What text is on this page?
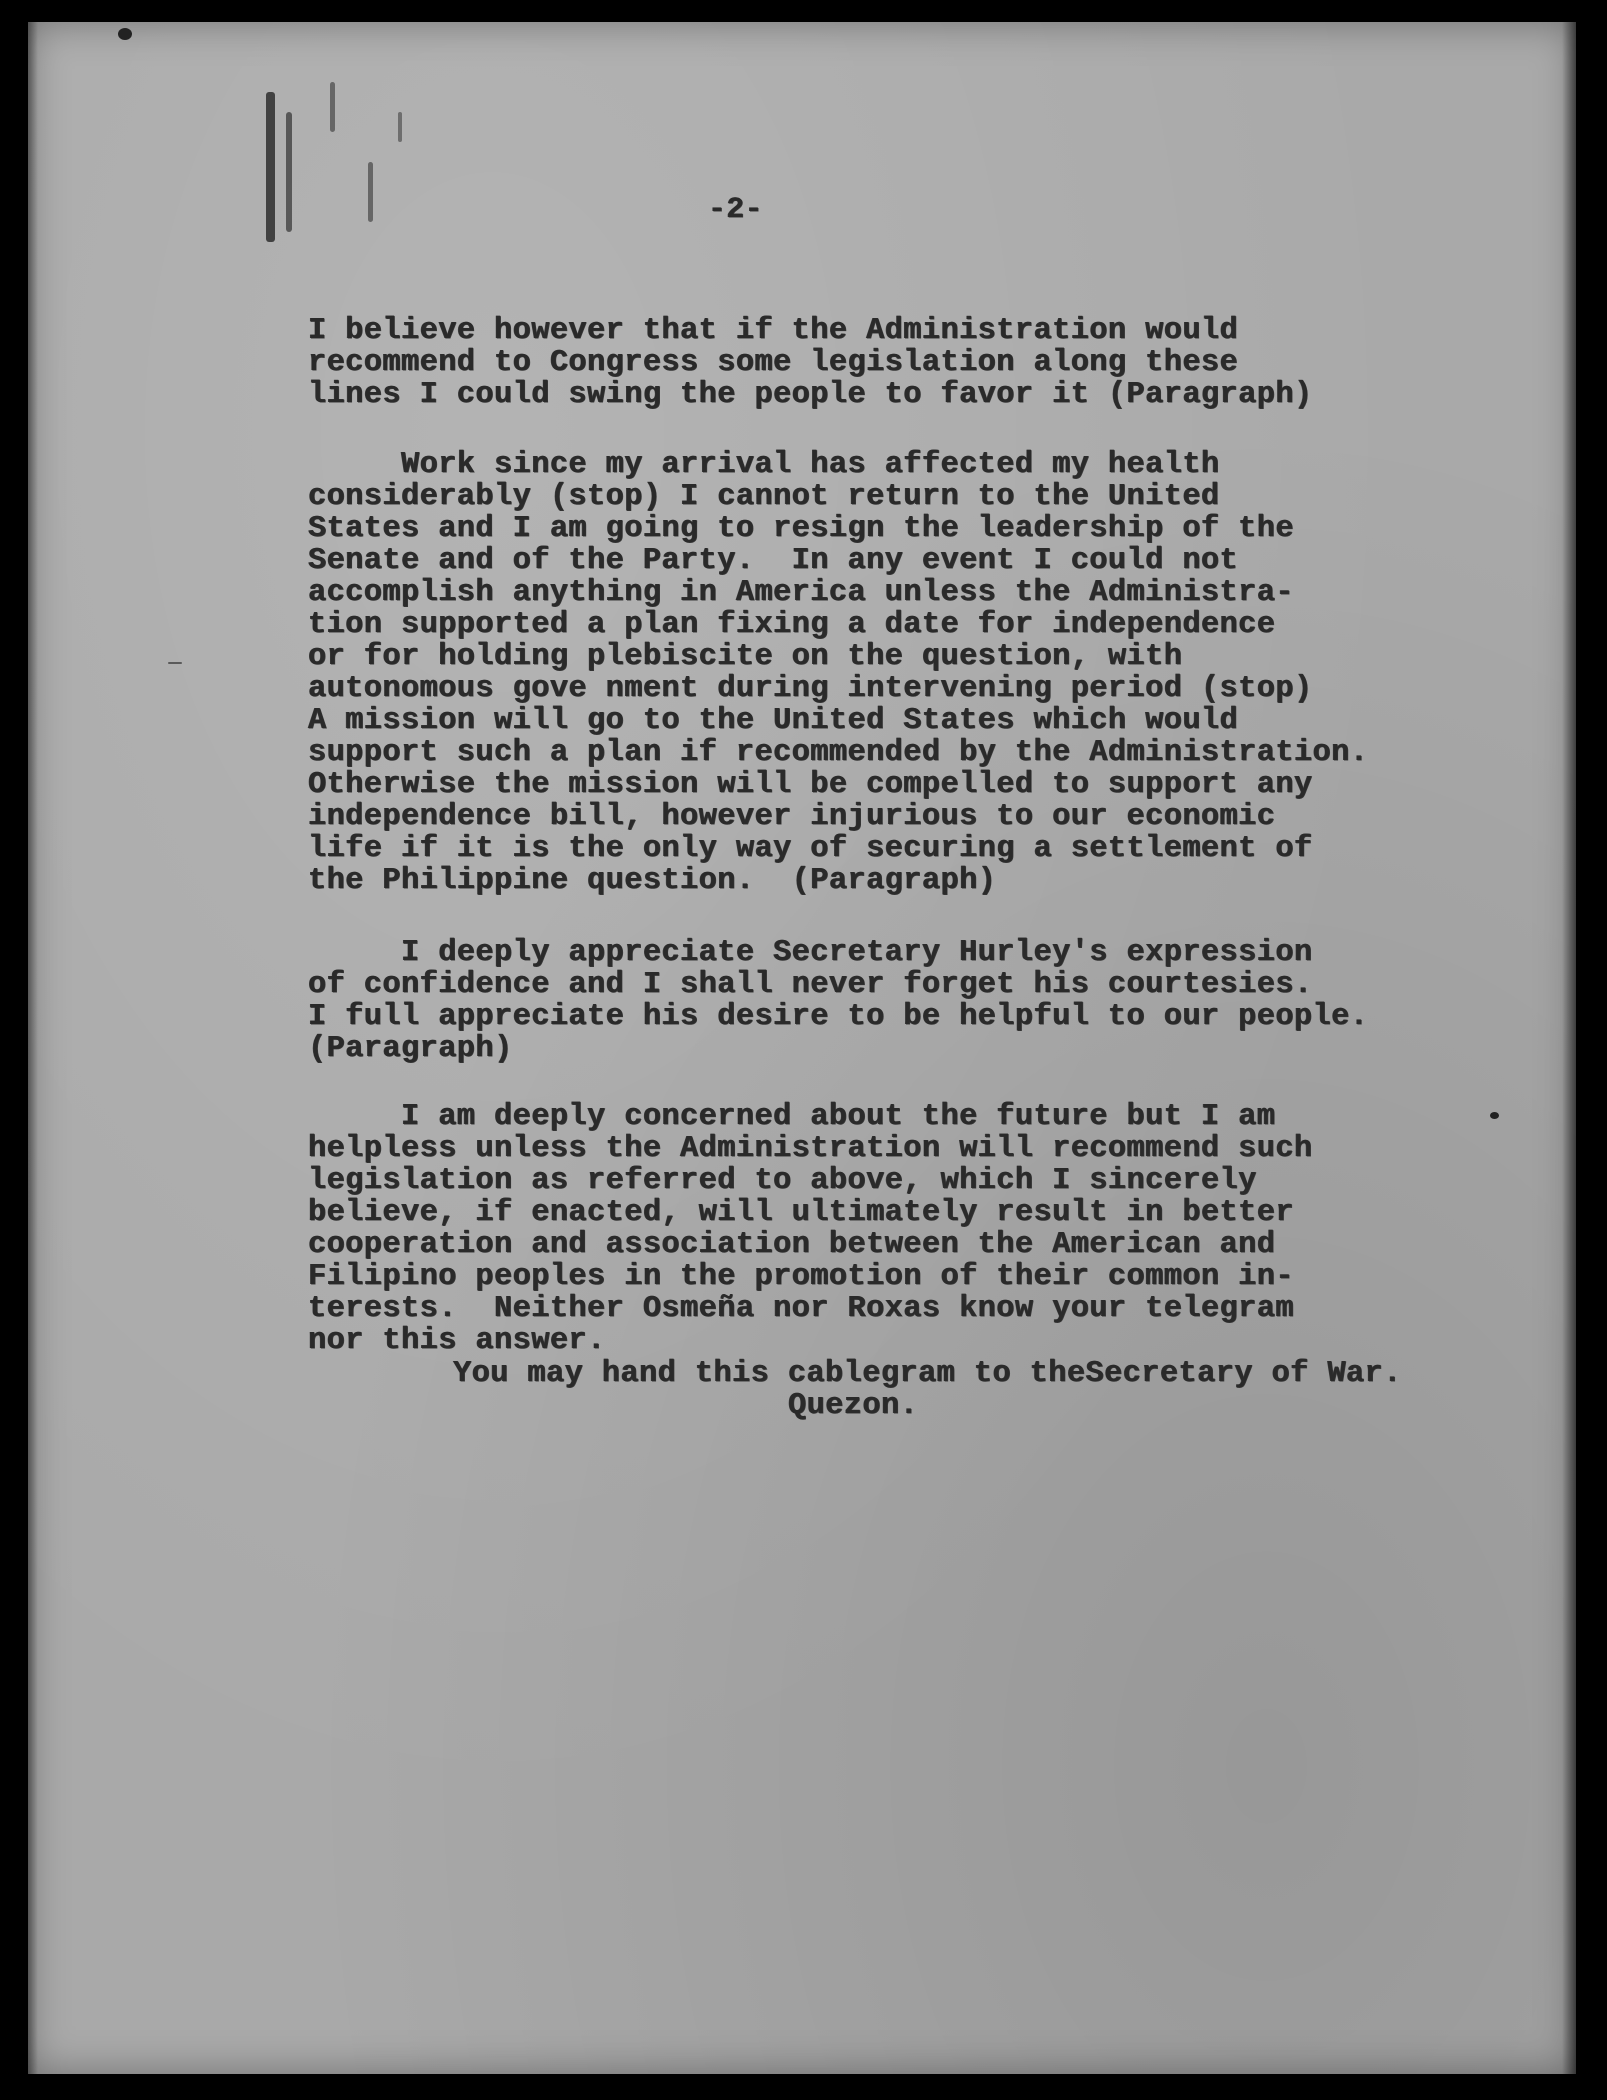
-2-

I believe however that if the Administration would
recommend to Congress some legislation along these
lines I could swing the people to favor it (Paragraph)

Work since my arrival has affected my health
considerably (stop) I cannot return to the United
States and I am going to resign the leadership of the
Senate and of the Party.  In any event I could not
accomplish anything in America unless the Administra-
tion supported a plan fixing a date for independence
or for holding plebiscite on the question, with
autonomous gove nment during intervening period (stop)
A mission will go to the United States which would
support such a plan if recommended by the Administration.
Otherwise the mission will be compelled to support any
independence bill, however injurious to our economic
life if it is the only way of securing a settlement of
the Philippine question.  (Paragraph)

I deeply appreciate Secretary Hurley's expression
of confidence and I shall never forget his courtesies.
I full appreciate his desire to be helpful to our people.
(Paragraph)

I am deeply concerned about the future but I am
helpless unless the Administration will recommend such
legislation as referred to above, which I sincerely
believe, if enacted, will ultimately result in better
cooperation and association between the American and
Filipino peoples in the promotion of their common in-
terests.  Neither Osmeña nor Roxas know your telegram
nor this answer.

You may hand this cablegram to theSecretary of War.
Quezon.
